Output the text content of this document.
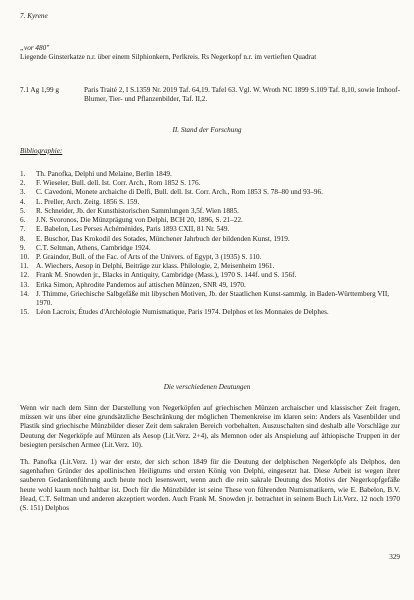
7. Kyrene

„vor 480"

Liegende Ginsterkatze n.r. über einem Silphionkern, Perlkreis. Rs Negerkopf n.r. im vertieften Quadrat

7.1 Ag 1,99 g	Paris Traité 2, I S.1359 Nr. 2019 Taf. 64,19. Tafel 63. Vgl. W. Wroth NC 1899 S.109 Taf. 8,10, sowie Imhoof-Blumer, Tier- und Pflanzenbilder, Taf. II,2.

II. Stand der Forschung

Bibliographie:

1.	Th. Panofka, Delphi und Melaine, Berlin 1849.
2.	F. Wieseler, Bull. dell. Ist. Corr. Arch., Rom 1852 S. 176.
3.	C. Cavedoni, Monete archaiche di Delfi, Bull. dell. Ist. Corr. Arch., Rom 1853 S. 78–80 und 93–96.
4.	L. Preller, Arch. Zeitg. 1856 S. 159.
5.	R. Schneider, Jb. der Kunsthistorischen Sammlungen 3,5f. Wien 1885.
6.	J.N. Svoronos, Die Münzprägung von Delphi, BCH 20, 1896, S. 21–22.
7.	E. Babelon, Les Perses Achéménides, Paris 1893 CXII, 81 Nr. 549.
8.	E. Buschor, Das Krokodil des Sotades, Münchener Jahrbuch der bildenden Kunst, 1919.
9.	C.T. Seltman, Athens, Cambridge 1924.
10. P. Graindor, Bull. of the Fac. of Arts of the Univers. of Egypt, 3 (1935) S. 110.
11.	A. Wiechers, Aesop in Delphi, Beiträge zur klass. Philologie, 2, Meisenheim 1961.
12. Frank M. Snowden jr., Blacks in Antiquity, Cambridge (Mass.), 1970 S. 144f. und S. 156f.
13. Erika Simon, Aphrodite Pandemos auf attischen Münzen, SNR 49, 1970.
14. J. Thimme, Griechische Salbgefäße mit libyschen Motiven, Jb. der Staatlichen Kunst-sammlg. in Baden-Württemberg VII, 1970.
15. Léon Lacroix, Études d'Archéologie Numismatique, Paris 1974. Delphos et les Monnaies de Delphes.

Die verschiedenen Deutungen

Wenn wir nach dem Sinn der Darstellung von Negerköpfen auf griechischen Münzen archaischer und klassischer Zeit fragen, müssen wir uns über eine grundsätzliche Beschränkung der möglichen Themenkreise im klaren sein: Anders als Vasenbilder und Plastik sind griechische Münzbilder dieser Zeit dem sakralen Bereich vorbehalten. Auszuschalten sind deshalb alle Vorschläge zur Deutung der Negerköpfe auf Münzen als Aesop (Lit.Verz. 2+4), als Memnon oder als Anspielung auf äthiopische Truppen in der besiegten persischen Armee (Lit.Verz. 10).

Th. Panofka (Lit.Verz. 1) war der erste, der sich schon 1849 für die Deutung der delphischen Negerköpfe als Delphos, den sagenhaften Gründer des apollinischen Heiligtums und ersten König von Delphi, eingesetzt hat. Diese Arbeit ist wegen ihrer sauberen Gedankenführung auch heute noch lesenswert, wenn auch die rein sakrale Deutung des Motivs der Negerkopfgefäße heute wohl kaum noch haltbar ist. Doch für die Münzbilder ist seine These von führenden Numismatikern, wie E. Babelon, B.V. Head, C.T. Seltman und anderen akzeptiert worden. Auch Frank M. Snowden jr. betrachtet in seinem Buch Lit.Verz. 12 noch 1970 (S. 151) Delphos

329
